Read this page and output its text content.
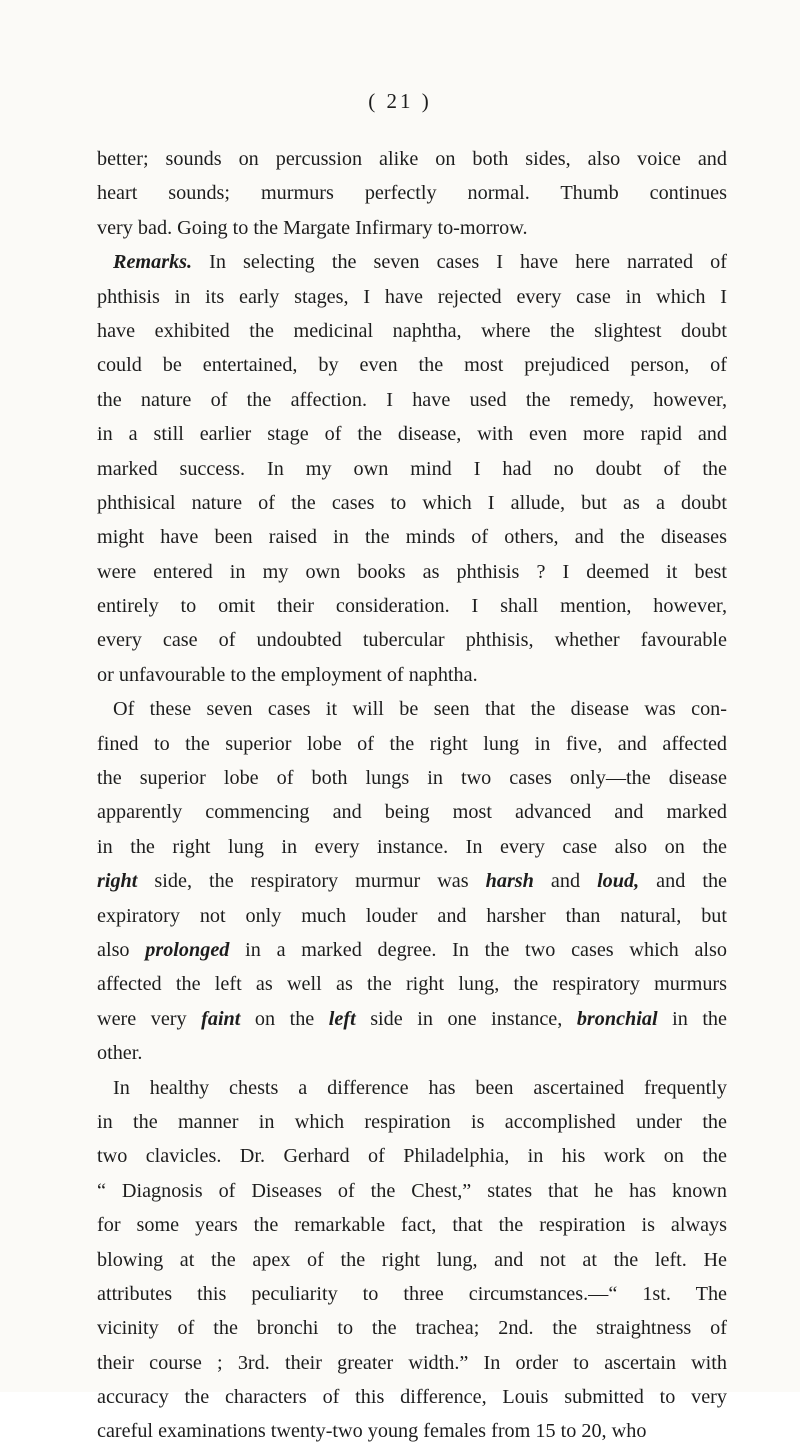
( 21 )
better; sounds on percussion alike on both sides, also voice and
heart sounds; murmurs perfectly normal. Thumb continues
very bad. Going to the Margate Infirmary to-morrow.
Remarks. In selecting the seven cases I have here narrated of
phthisis in its early stages, I have rejected every case in which I
have exhibited the medicinal naphtha, where the slightest doubt
could be entertained, by even the most prejudiced person, of
the nature of the affection. I have used the remedy, however,
in a still earlier stage of the disease, with even more rapid and
marked success. In my own mind I had no doubt of the
phthisical nature of the cases to which I allude, but as a doubt
might have been raised in the minds of others, and the diseases
were entered in my own books as phthisis ? I deemed it best
entirely to omit their consideration. I shall mention, however,
every case of undoubted tubercular phthisis, whether favourable
or unfavourable to the employment of naphtha.
Of these seven cases it will be seen that the disease was con-
fined to the superior lobe of the right lung in five, and affected
the superior lobe of both lungs in two cases only—the disease
apparently commencing and being most advanced and marked
in the right lung in every instance. In every case also on the
right side, the respiratory murmur was harsh and loud, and the
expiratory not only much louder and harsher than natural, but
also prolonged in a marked degree. In the two cases which also
affected the left as well as the right lung, the respiratory murmurs
were very faint on the left side in one instance, bronchial in the
other.
In healthy chests a difference has been ascertained frequently
in the manner in which respiration is accomplished under the
two clavicles. Dr. Gerhard of Philadelphia, in his work on the
“ Diagnosis of Diseases of the Chest,” states that he has known
for some years the remarkable fact, that the respiration is always
blowing at the apex of the right lung, and not at the left. He
attributes this peculiarity to three circumstances.—“ 1st. The
vicinity of the bronchi to the trachea; 2nd. the straightness of
their course ; 3rd. their greater width.” In order to ascertain with
accuracy the characters of this difference, Louis submitted to very
careful examinations twenty-two young females from 15 to 20, who
